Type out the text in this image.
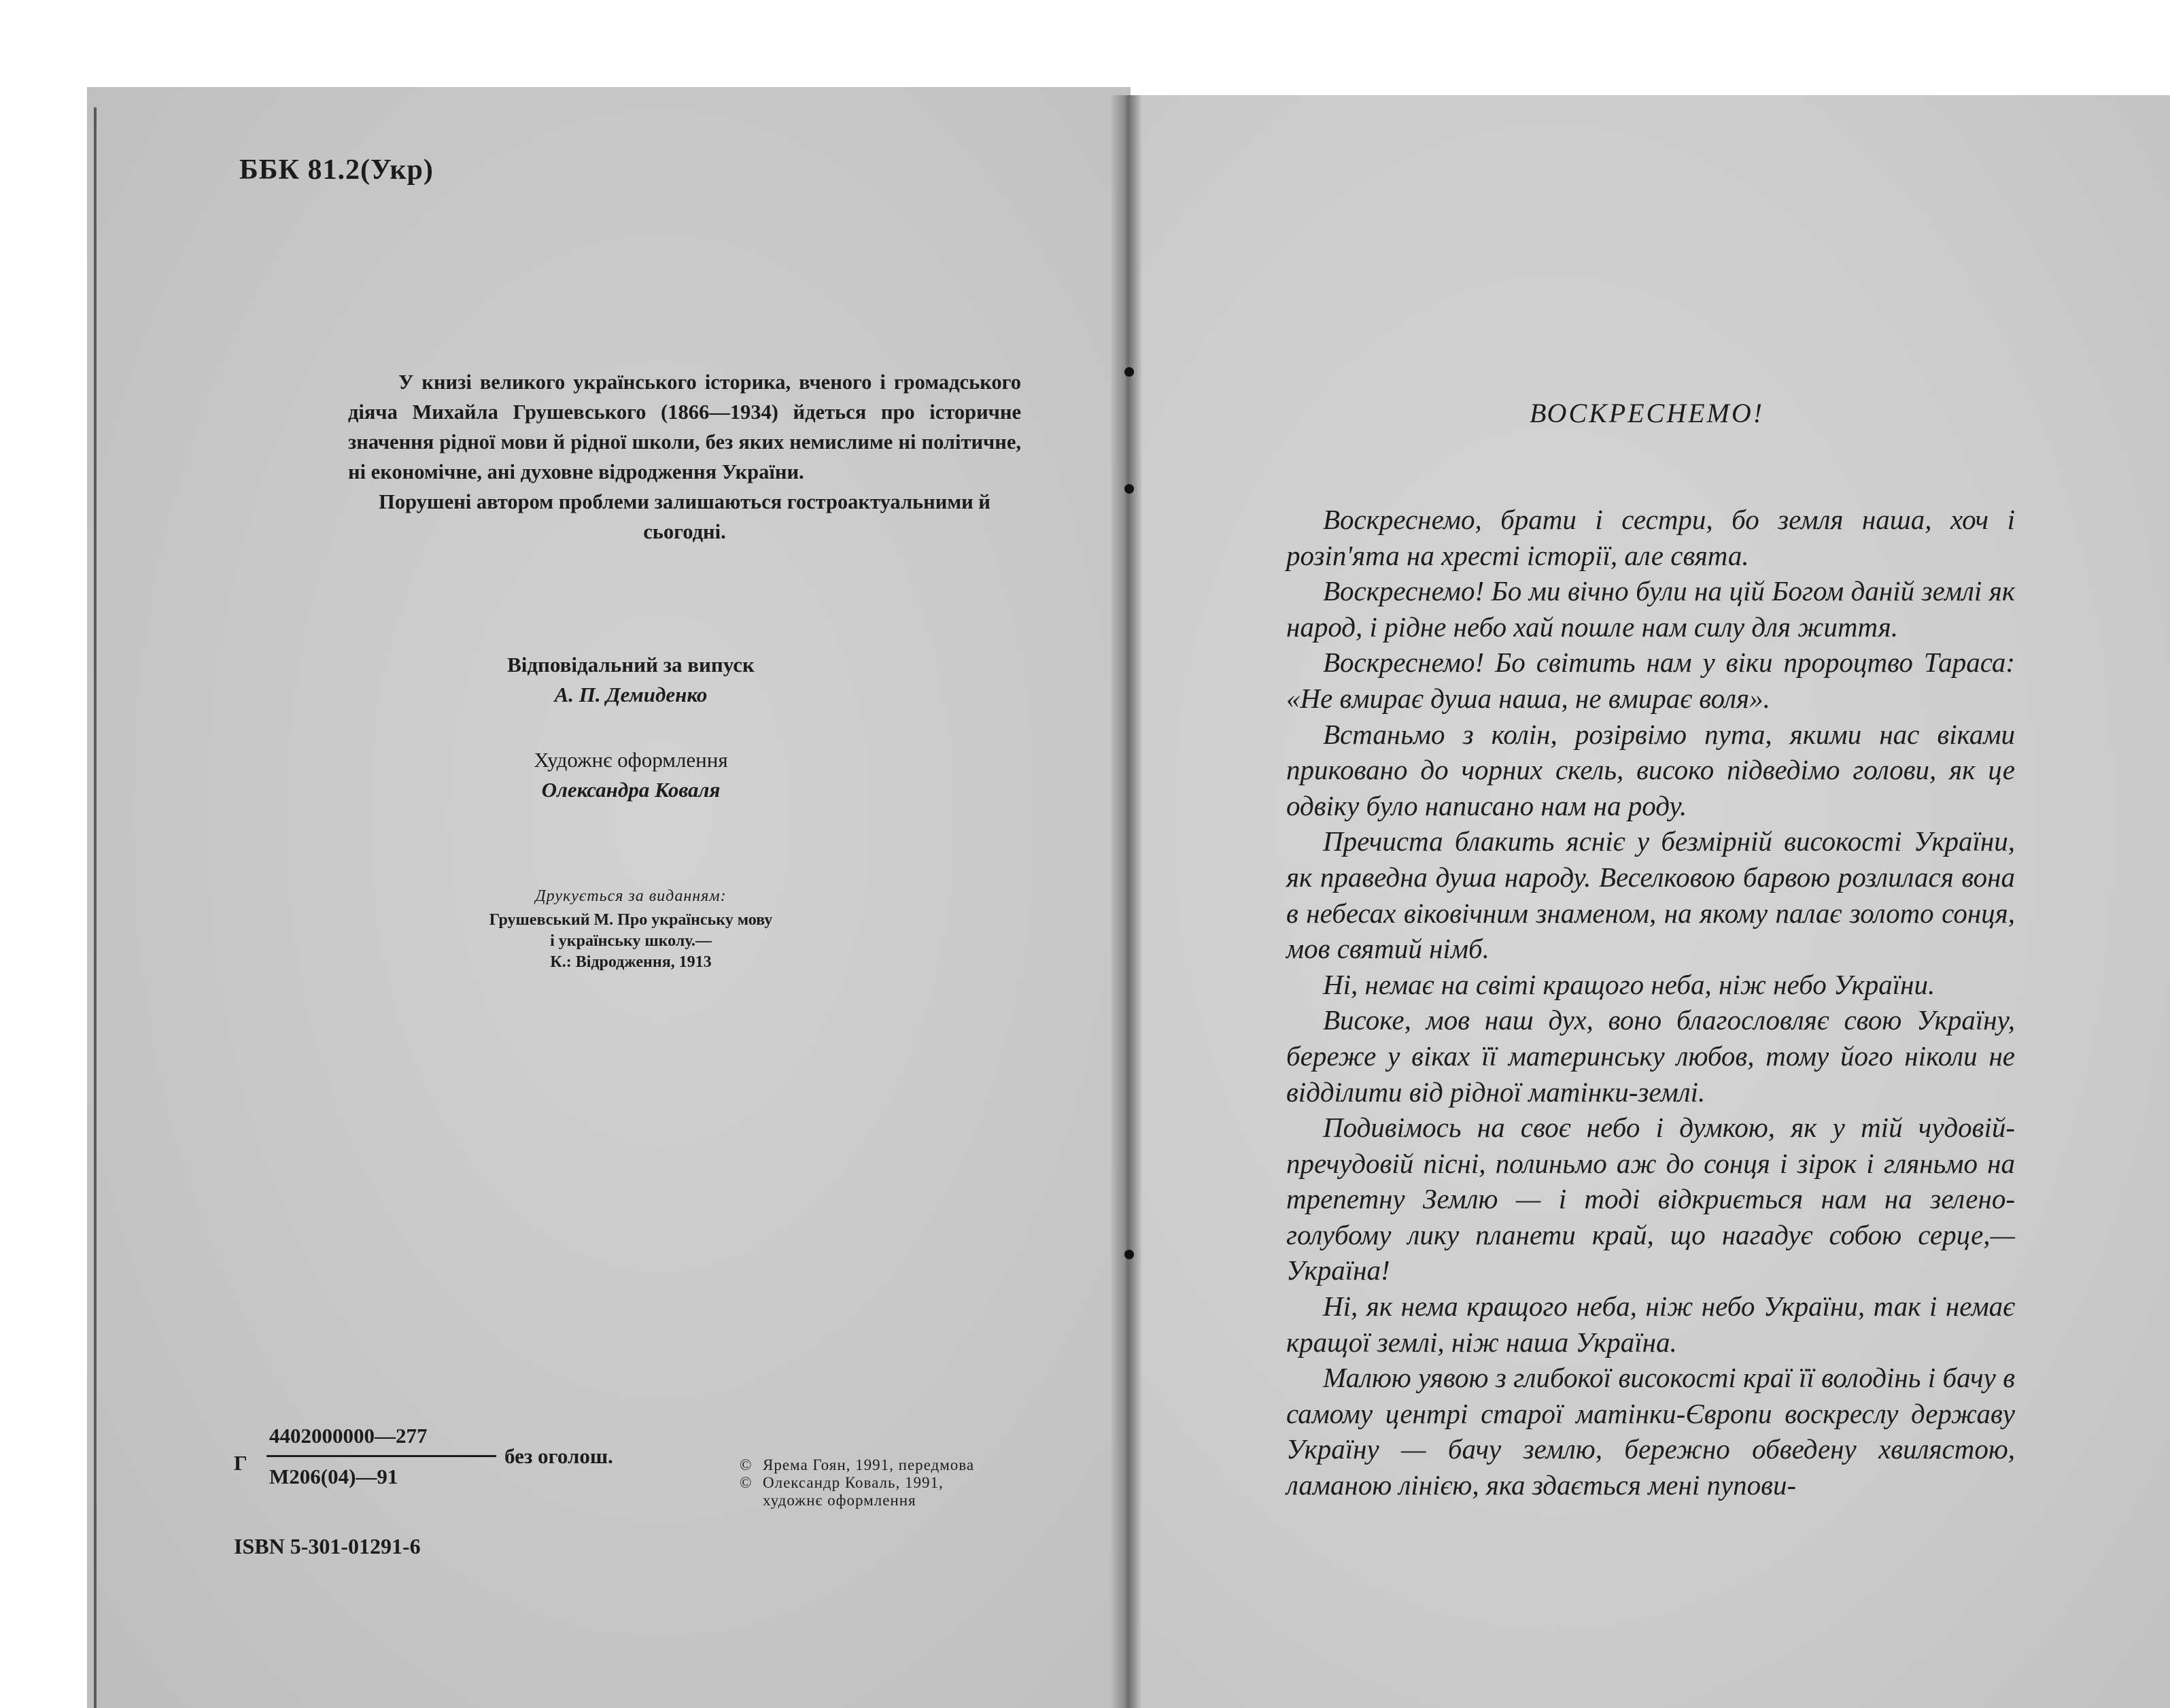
ББК 81.2(Укр)

У книзі великого українського історика, вченого і громадського діяча Михайла Грушевського (1866—1934) йдеться про історичне значення рідної мови й рідної школи, без яких немислиме ні політичне, ні економічне, ані духовне відродження України.

Порушені автором проблеми залишаються гостроактуальними й сьогодні.

Відповідальний за випуск
А. П. Демиденко
Художнє оформлення
Олександра Коваля
Друкується за виданням:
Грушевський М. Про українську мову
і українську школу.—
К.: Відродження, 1913
Г
4402000000—277
М206(04)—91
без оголош.
ISBN 5-301-01291-6
© Ярема Гоян, 1991, передмова
© Олександр Коваль, 1991,
художнє оформлення
ВОСКРЕСНЕМО!

Воскреснемо, брати і сестри, бо земля наша, хоч і розіп'ята на хресті історії, але свята.

Воскреснемо! Бо ми вічно були на цій Богом даній землі як народ, і рідне небо хай пошле нам силу для життя.

Воскреснемо! Бо світить нам у віки пророцтво Тараса: «Не вмирає душа наша, не вмирає воля».

Встаньмо з колін, розірвімо пута, якими нас віками приковано до чорних скель, високо підведімо голови, як це одвіку було написано нам на роду.

Пречиста блакить ясніє у безмірній високості України, як праведна душа народу. Веселковою барвою розлилася вона в небесах віковічним знаменом, на якому палає золото сонця, мов святий німб.

Ні, немає на світі кращого неба, ніж небо України.

Високе, мов наш дух, воно благословляє свою Україну, береже у віках її материнську любов, тому його ніколи не відділити від рідної матінки-землі.

Подивімось на своє небо і думкою, як у тій чудовій-пречудовій пісні, полиньмо аж до сонця і зірок і гляньмо на трепетну Землю — і тоді відкриється нам на зелено-голубому лику планети край, що нагадує собою серце,— Україна!

Ні, як нема кращого неба, ніж небо України, так і немає кращої землі, ніж наша Україна.

Малюю уявою з глибокої високості краї її володінь і бачу в самому центрі старої матінки-Європи воскреслу державу Україну — бачу землю, бережно обведену хвилястою, ламаною лінією, яка здається мені пупови-
